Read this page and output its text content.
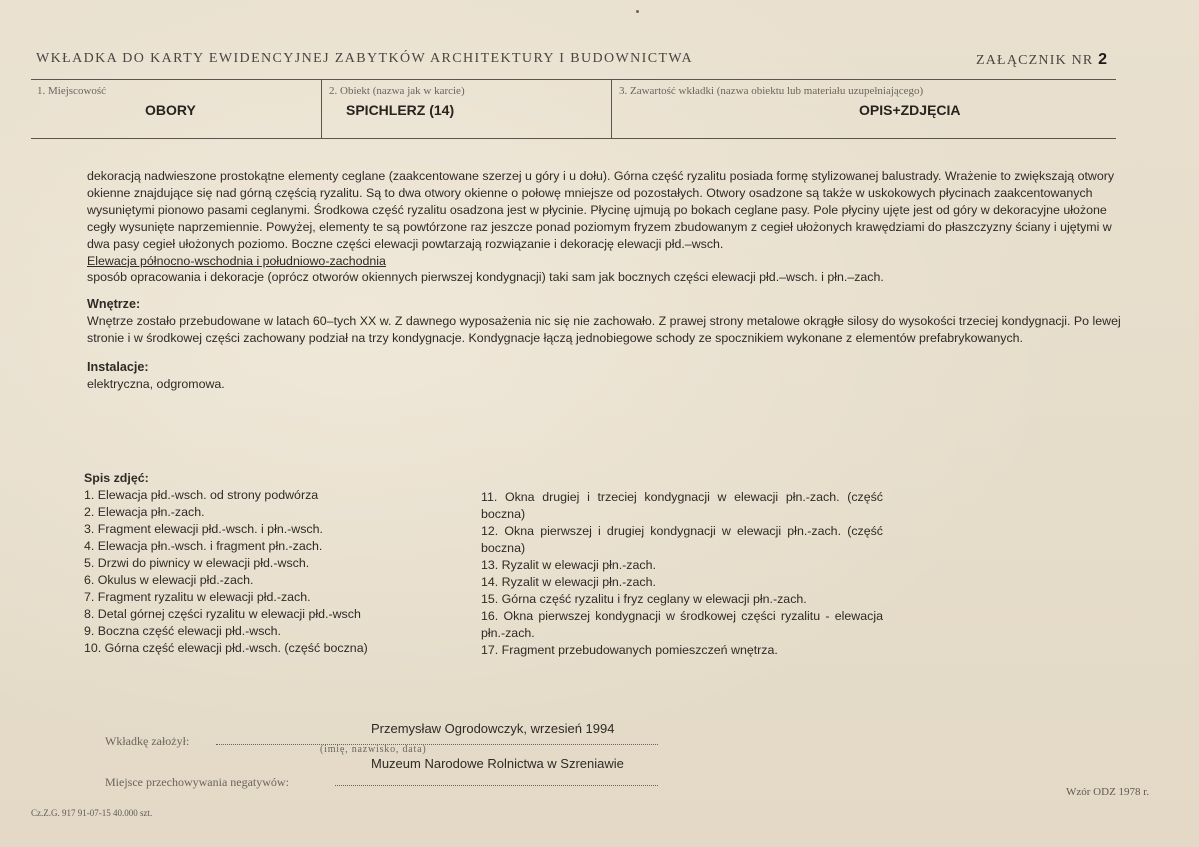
WKŁADKA DO KARTY EWIDENCYJNEJ ZABYTKÓW ARCHITEKTURY I BUDOWNICTWA	ZAŁĄCZNIK NR 2
1. Miejscowość
OBORY
2. Obiekt (nazwa jak w karcie)
SPICHLERZ (14)
3. Zawartość wkładki (nazwa obiektu lub materiału uzupełniającego)
OPIS+ZDJĘCIA

dekoracją nadwieszone prostokątne elementy ceglane (zaakcentowane szerzej u góry i u dołu). Górna część ryzalitu posiada formę stylizowanej balustrady. Wrażenie to zwiększają otwory okienne znajdujące się nad górną częścią ryzalitu. Są to dwa otwory okienne o połowę mniejsze od pozostałych. Otwory osadzone są także w uskokowych płycinach zaakcentowanych wysuniętymi pionowo pasami ceglanymi. Środkowa część ryzalitu osadzona jest w płycinie. Płycinę ujmują po bokach ceglane pasy. Pole płyciny ujęte jest od góry w dekoracyjne ułożone cegły wysunięte naprzemiennie. Powyżej, elementy te są powtórzone raz jeszcze ponad poziomym fryzem zbudowanym z cegieł ułożonych krawędziami do płaszczyzny ściany i ujętymi w dwa pasy cegieł ułożonych poziomo. Boczne części elewacji powtarzają rozwiązanie i dekorację elewacji płd.–wsch.

Elewacja północno-wschodnia i południowo-zachodnia

sposób opracowania i dekoracje (oprócz otworów okiennych pierwszej kondygnacji) taki sam jak bocznych części elewacji płd.–wsch. i płn.–zach.

Wnętrze:

Wnętrze zostało przebudowane w latach 60–tych XX w. Z dawnego wyposażenia nic się nie zachowało. Z prawej strony metalowe okrągłe silosy do wysokości trzeciej kondygnacji. Po lewej stronie i w środkowej części zachowany podział na trzy kondygnacje. Kondygnacje łączą jednobiegowe schody ze spocznikiem wykonane z elementów prefabrykowanych.

Instalacje:

elektryczna, odgromowa.

Spis zdjęć:
1. Elewacja płd.-wsch. od strony podwórza
2. Elewacja płn.-zach.
3. Fragment elewacji płd.-wsch. i płn.-wsch.
4. Elewacja płn.-wsch. i fragment płn.-zach.
5. Drzwi do piwnicy w elewacji płd.-wsch.
6. Okulus w elewacji płd.-zach.
7. Fragment ryzalitu w elewacji płd.-zach.
8. Detal górnej części ryzalitu w elewacji płd.-wsch
9. Boczna część elewacji płd.-wsch.
10. Górna część elewacji płd.-wsch. (część boczna)
11. Okna drugiej i trzeciej kondygnacji w elewacji płn.-zach. (część boczna)
12. Okna pierwszej i drugiej kondygnacji w elewacji płn.-zach. (część boczna)
13. Ryzalit w elewacji płn.-zach.
14. Ryzalit w elewacji płn.-zach.
15. Górna część ryzalitu i fryz ceglany w elewacji płn.-zach.
16. Okna pierwszej kondygnacji w środkowej części ryzalitu - elewacja płn.-zach.
17. Fragment przebudowanych pomieszczeń wnętrza.
Wkładkę założył:
Przemysław Ogrodowczyk, wrzesień 1994
(imię, nazwisko, data)
Miejsce przechowywania negatywów:
Muzeum Narodowe Rolnictwa w Szreniawie
Cz.Z.G. 917 91-07-15 40.000 szt.
Wzór ODZ 1978 r.
